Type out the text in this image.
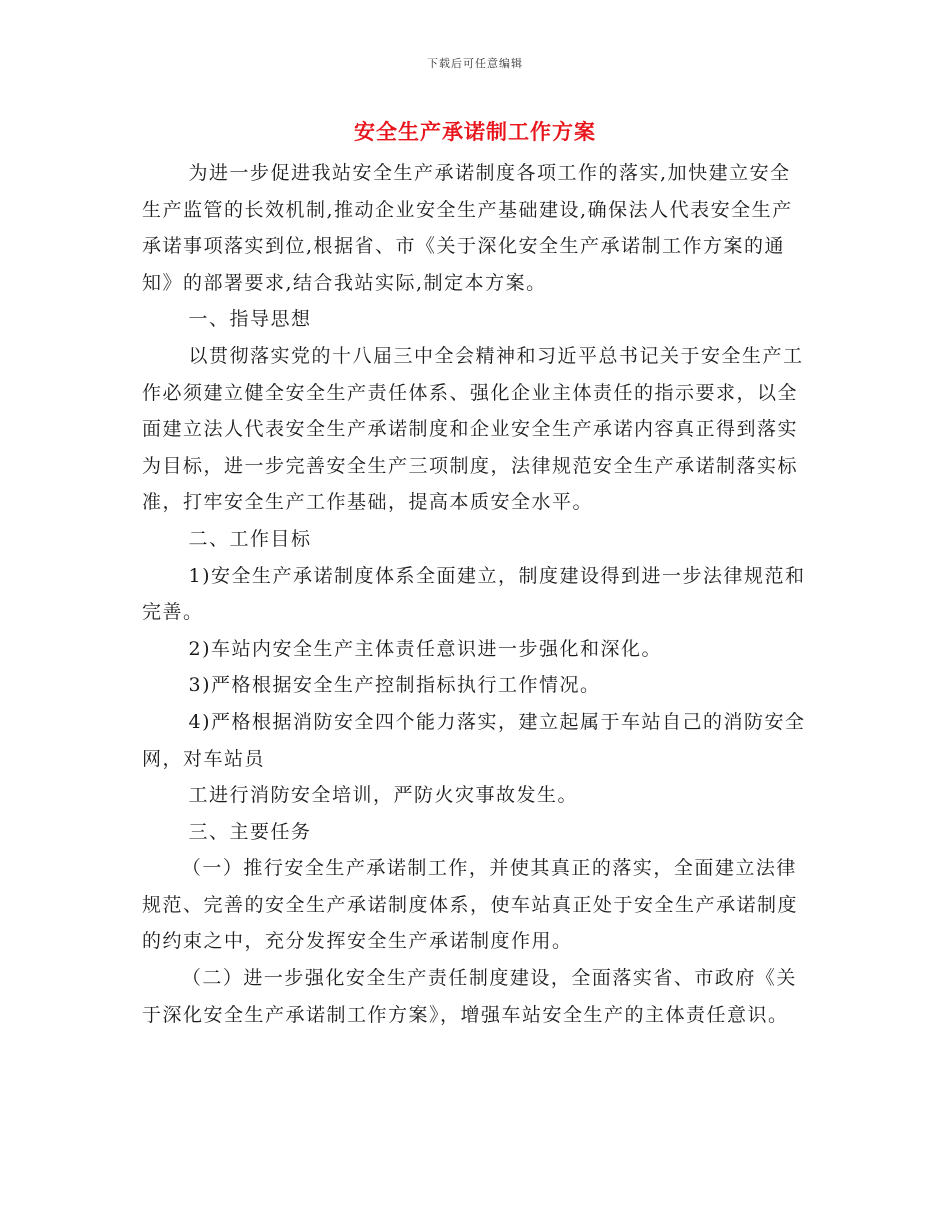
下载后可任意编辑
安全生产承诺制工作方案

为进一步促进我站安全生产承诺制度各项工作的落实,加快建立安全生产监管的长效机制,推动企业安全生产基础建设,确保法人代表安全生产承诺事项落实到位,根据省、市《关于深化安全生产承诺制工作方案的通知》的部署要求,结合我站实际,制定本方案。

一、指导思想

以贯彻落实党的十八届三中全会精神和习近平总书记关于安全生产工作必须建立健全安全生产责任体系、强化企业主体责任的指示要求，以全面建立法人代表安全生产承诺制度和企业安全生产承诺内容真正得到落实为目标，进一步完善安全生产三项制度，法律规范安全生产承诺制落实标准，打牢安全生产工作基础，提高本质安全水平。

二、工作目标

1)安全生产承诺制度体系全面建立，制度建设得到进一步法律规范和完善。

2)车站内安全生产主体责任意识进一步强化和深化。

3)严格根据安全生产控制指标执行工作情况。

4)严格根据消防安全四个能力落实，建立起属于车站自己的消防安全网，对车站员

工进行消防安全培训，严防火灾事故发生。

三、主要任务

（一）推行安全生产承诺制工作，并使其真正的落实，全面建立法律规范、完善的安全生产承诺制度体系，使车站真正处于安全生产承诺制度的约束之中，充分发挥安全生产承诺制度作用。

（二）进一步强化安全生产责任制度建设，全面落实省、市政府《关于深化安全生产承诺制工作方案》，增强车站安全生产的主体责任意识。
